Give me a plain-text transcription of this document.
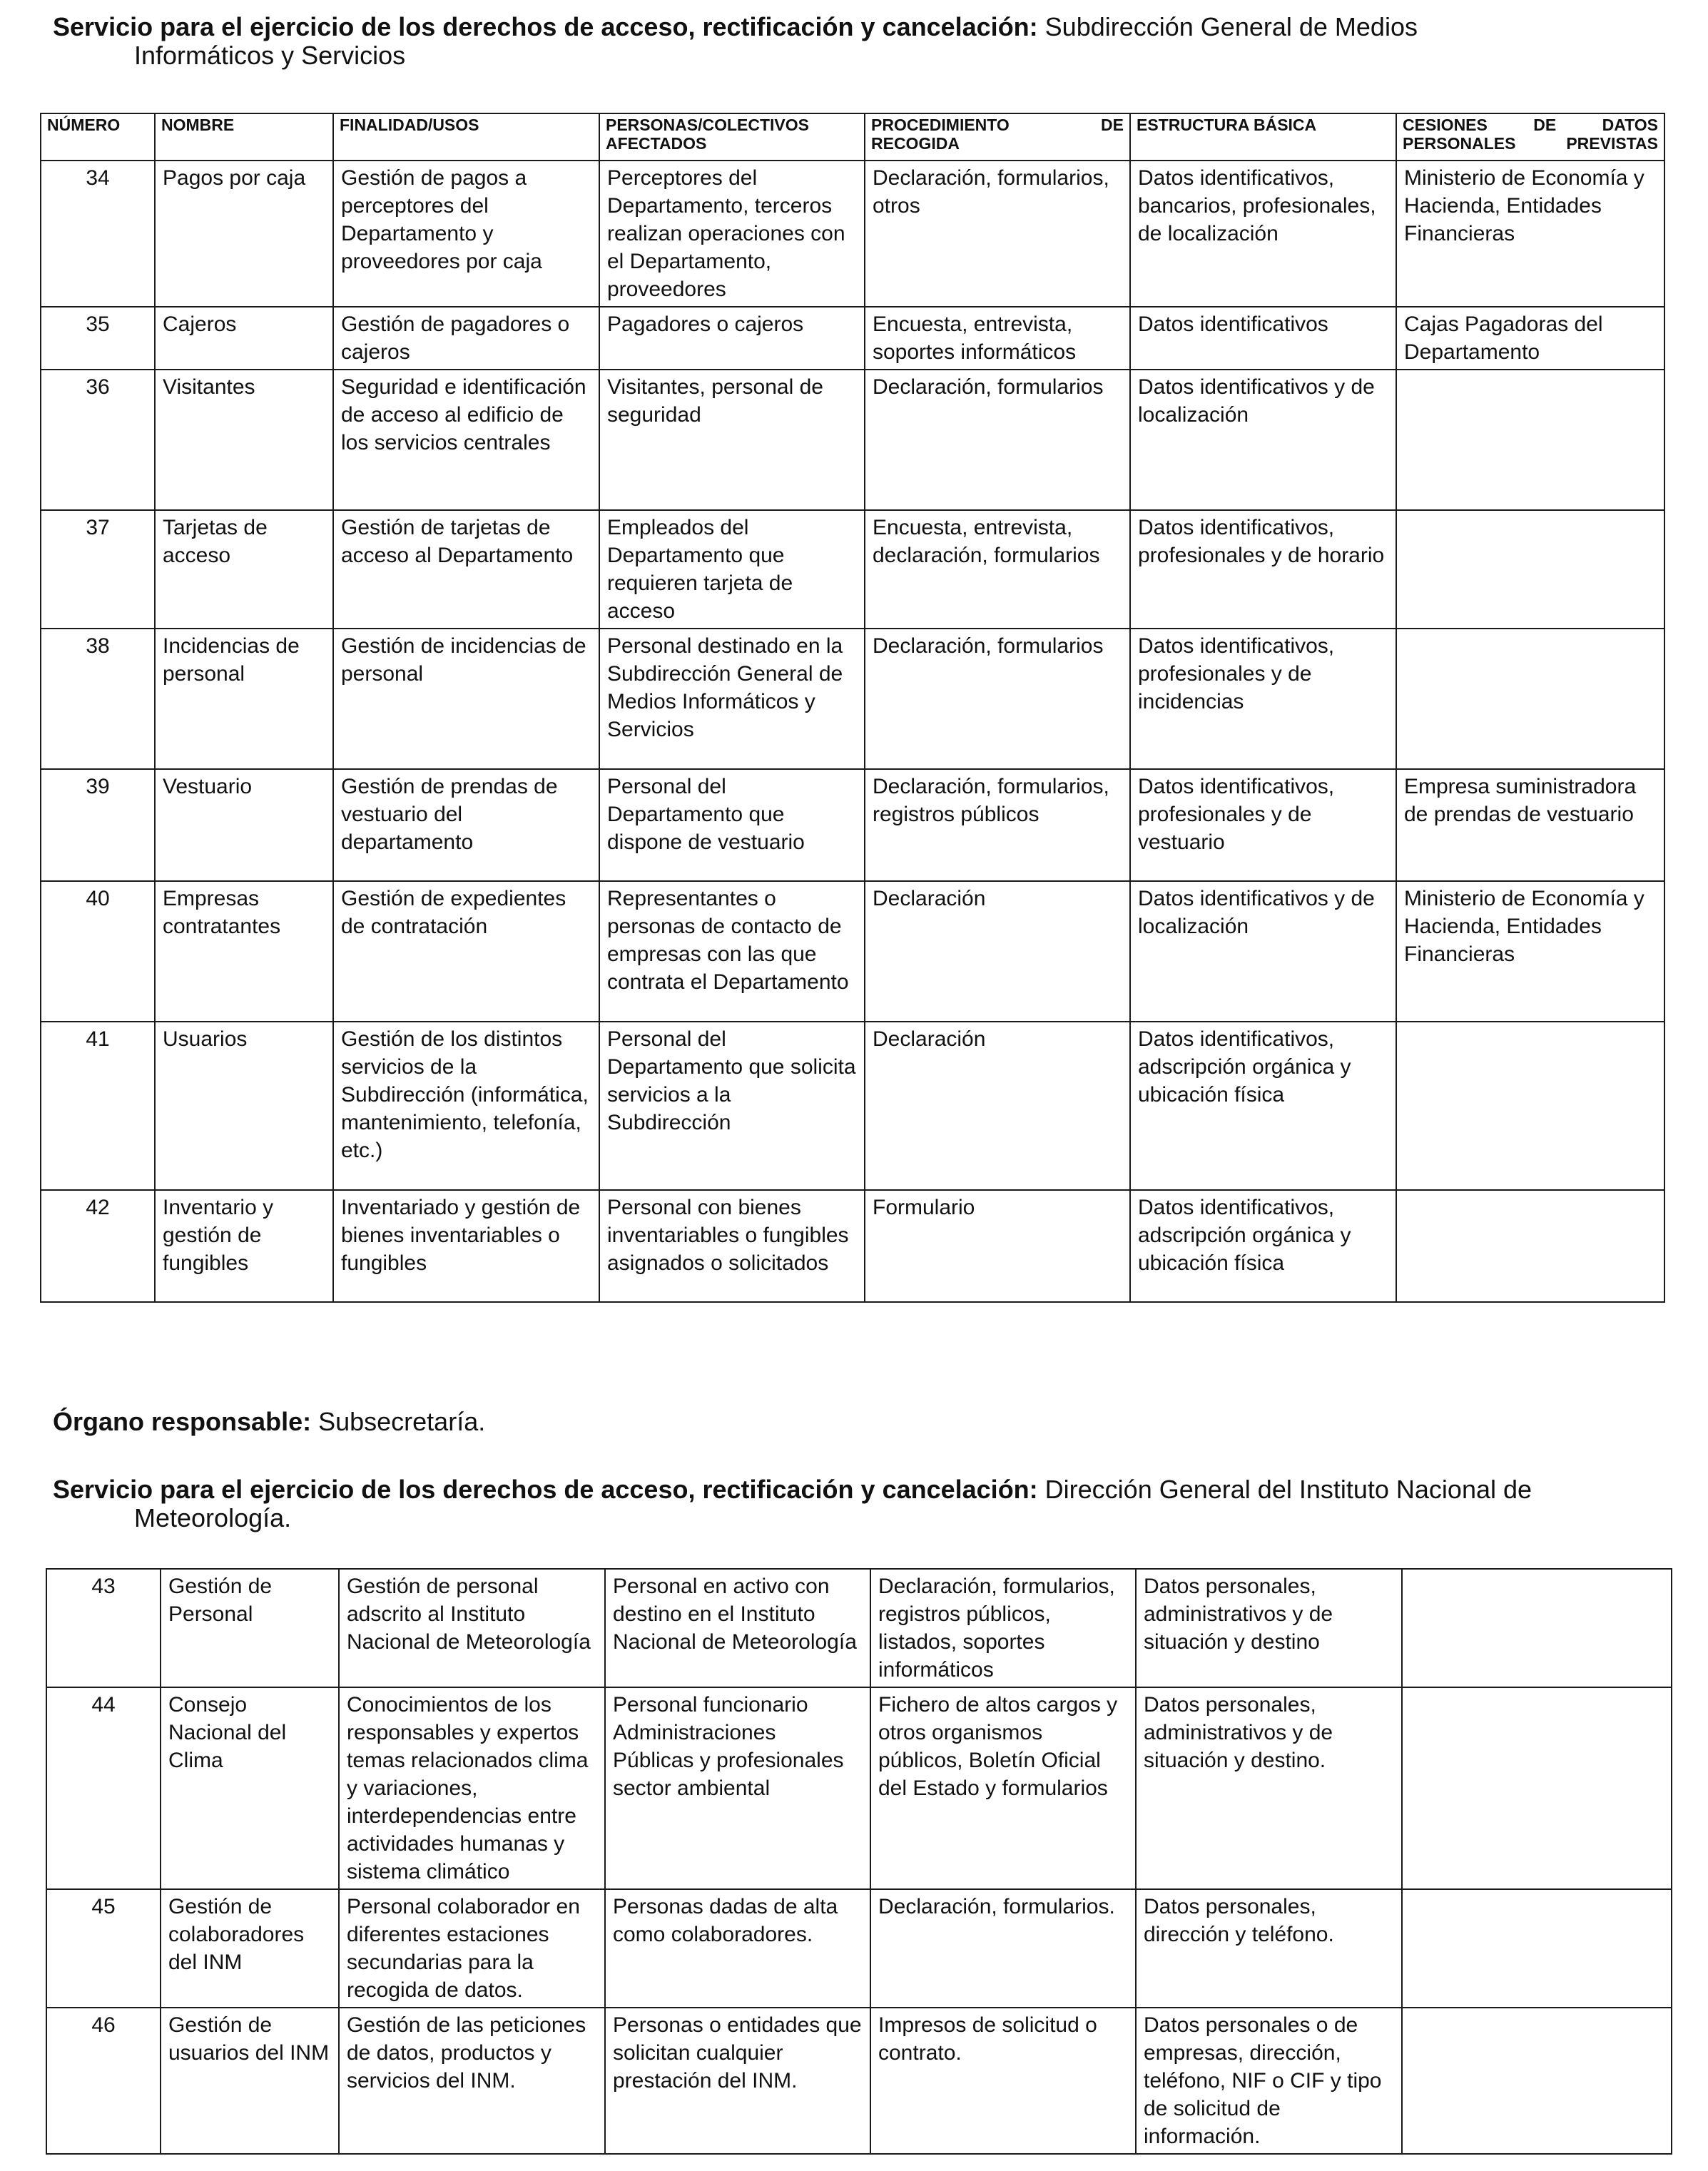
Servicio para el ejercicio de los derechos de acceso, rectificación y cancelación: Subdirección General de Medios
Informáticos y Servicios
NÚMERO	NOMBRE	FINALIDAD/USOS	PERSONAS/COLECTIVOS AFECTADOS	PROCEDIMIENTO DE RECOGIDA	ESTRUCTURA BÁSICA	CESIONES DE DATOS PERSONALES PREVISTAS
34	Pagos por caja	Gestión de pagos a perceptores del Departamento y proveedores por caja	Perceptores del Departamento, terceros realizan operaciones con el Departamento, proveedores	Declaración, formularios, otros	Datos identificativos, bancarios, profesionales, de localización	Ministerio de Economía y Hacienda, Entidades Financieras
35	Cajeros	Gestión de pagadores o cajeros	Pagadores o cajeros	Encuesta, entrevista, soportes informáticos	Datos identificativos	Cajas Pagadoras del Departamento
36	Visitantes	Seguridad e identificación de acceso al edificio de los servicios centrales	Visitantes, personal de seguridad	Declaración, formularios	Datos identificativos y de localización	
37	Tarjetas de acceso	Gestión de tarjetas de acceso al Departamento	Empleados del Departamento que requieren tarjeta de acceso	Encuesta, entrevista, declaración, formularios	Datos identificativos, profesionales y de horario	
38	Incidencias de personal	Gestión de incidencias de personal	Personal destinado en la Subdirección General de Medios Informáticos y Servicios	Declaración, formularios	Datos identificativos, profesionales y de incidencias	
39	Vestuario	Gestión de prendas de vestuario del departamento	Personal del Departamento que dispone de vestuario	Declaración, formularios, registros públicos	Datos identificativos, profesionales y de vestuario	Empresa suministradora de prendas de vestuario
40	Empresas contratantes	Gestión de expedientes de contratación	Representantes o personas de contacto de empresas con las que contrata el Departamento	Declaración	Datos identificativos y de localización	Ministerio de Economía y Hacienda, Entidades Financieras
41	Usuarios	Gestión de los distintos servicios de la Subdirección (informática, mantenimiento, telefonía, etc.)	Personal del Departamento que solicita servicios a la Subdirección	Declaración	Datos identificativos, adscripción orgánica y ubicación física	
42	Inventario y gestión de fungibles	Inventariado y gestión de bienes inventariables o fungibles	Personal con bienes inventariables o fungibles asignados o solicitados	Formulario	Datos identificativos, adscripción orgánica y ubicación física	
Órgano responsable: Subsecretaría.
Servicio para el ejercicio de los derechos de acceso, rectificación y cancelación: Dirección General del Instituto Nacional de
Meteorología.
43	Gestión de Personal	Gestión de personal adscrito al Instituto Nacional de Meteorología	Personal en activo con destino en el Instituto Nacional de Meteorología	Declaración, formularios, registros públicos, listados, soportes informáticos	Datos personales, administrativos y de situación y destino	
44	Consejo Nacional del Clima	Conocimientos de los responsables y expertos temas relacionados clima y variaciones, interdependencias entre actividades humanas y sistema climático	Personal funcionario Administraciones Públicas y profesionales sector ambiental	Fichero de altos cargos y otros organismos públicos, Boletín Oficial del Estado y formularios	Datos personales, administrativos y de situación y destino.	
45	Gestión de colaboradores del INM	Personal colaborador en diferentes estaciones secundarias para la recogida de datos.	Personas dadas de alta como colaboradores.	Declaración, formularios.	Datos personales, dirección y teléfono.	
46	Gestión de usuarios del INM	Gestión de las peticiones de datos, productos y servicios del INM.	Personas o entidades que solicitan cualquier prestación del INM.	Impresos de solicitud o contrato.	Datos personales o de empresas, dirección, teléfono, NIF o CIF y tipo de solicitud de información.	
